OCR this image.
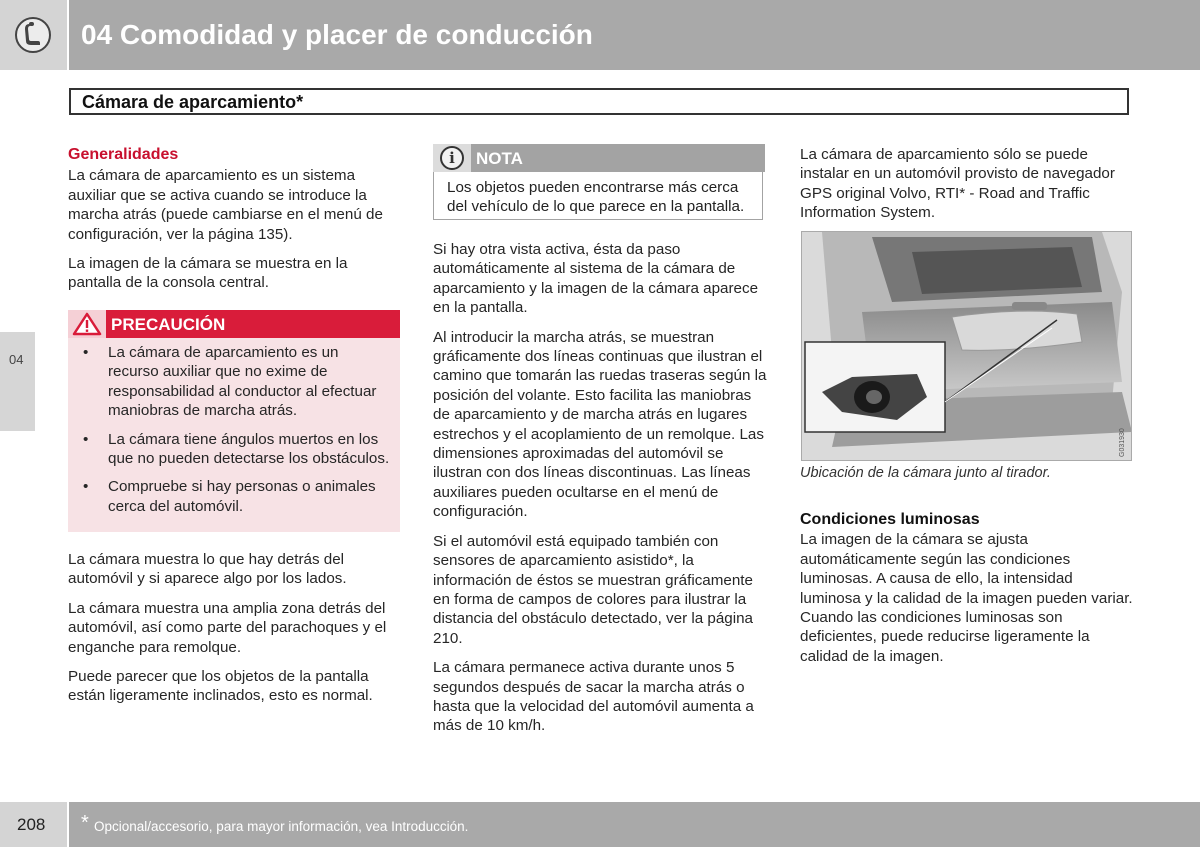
04 Comodidad y placer de conducción
Cámara de aparcamiento*
04
Generalidades

La cámara de aparcamiento es un sistema auxiliar que se activa cuando se introduce la marcha atrás (puede cambiarse en el menú de configuración, ver la página 135).

La imagen de la cámara se muestra en la pantalla de la consola central.

PRECAUCIÓN
• La cámara de aparcamiento es un recurso auxiliar que no exime de responsabilidad al conductor al efectuar maniobras de marcha atrás.
• La cámara tiene ángulos muertos en los que no pueden detectarse los obstáculos.
• Compruebe si hay personas o animales cerca del automóvil.

La cámara muestra lo que hay detrás del automóvil y si aparece algo por los lados.

La cámara muestra una amplia zona detrás del automóvil, así como parte del parachoques y el enganche para remolque.

Puede parecer que los objetos de la pantalla están ligeramente inclinados, esto es normal.

i	NOTA
Los objetos pueden encontrarse más cerca del vehículo de lo que parece en la pantalla.

Si hay otra vista activa, ésta da paso automáticamente al sistema de la cámara de aparcamiento y la imagen de la cámara aparece en la pantalla.

Al introducir la marcha atrás, se muestran gráficamente dos líneas continuas que ilustran el camino que tomarán las ruedas traseras según la posición del volante. Esto facilita las maniobras de aparcamiento y de marcha atrás en lugares estrechos y el acoplamiento de un remolque. Las dimensiones aproximadas del automóvil se ilustran con dos líneas discontinuas. Las líneas auxiliares pueden ocultarse en el menú de configuración.

Si el automóvil está equipado también con sensores de aparcamiento asistido*, la información de éstos se muestran gráficamente en forma de campos de colores para ilustrar la distancia del obstáculo detectado, ver la página 210.

La cámara permanece activa durante unos 5 segundos después de sacar la marcha atrás o hasta que la velocidad del automóvil aumenta a más de 10 km/h.

La cámara de aparcamiento sólo se puede instalar en un automóvil provisto de navegador GPS original Volvo, RTI* - Road and Traffic Information System.

G031930
Ubicación de la cámara junto al tirador.
Condiciones luminosas

La imagen de la cámara se ajusta automáticamente según las condiciones luminosas. A causa de ello, la intensidad luminosa y la calidad de la imagen pueden variar. Cuando las condiciones luminosas son deficientes, puede reducirse ligeramente la calidad de la imagen.

208 * Opcional/accesorio, para mayor información, vea Introducción.
